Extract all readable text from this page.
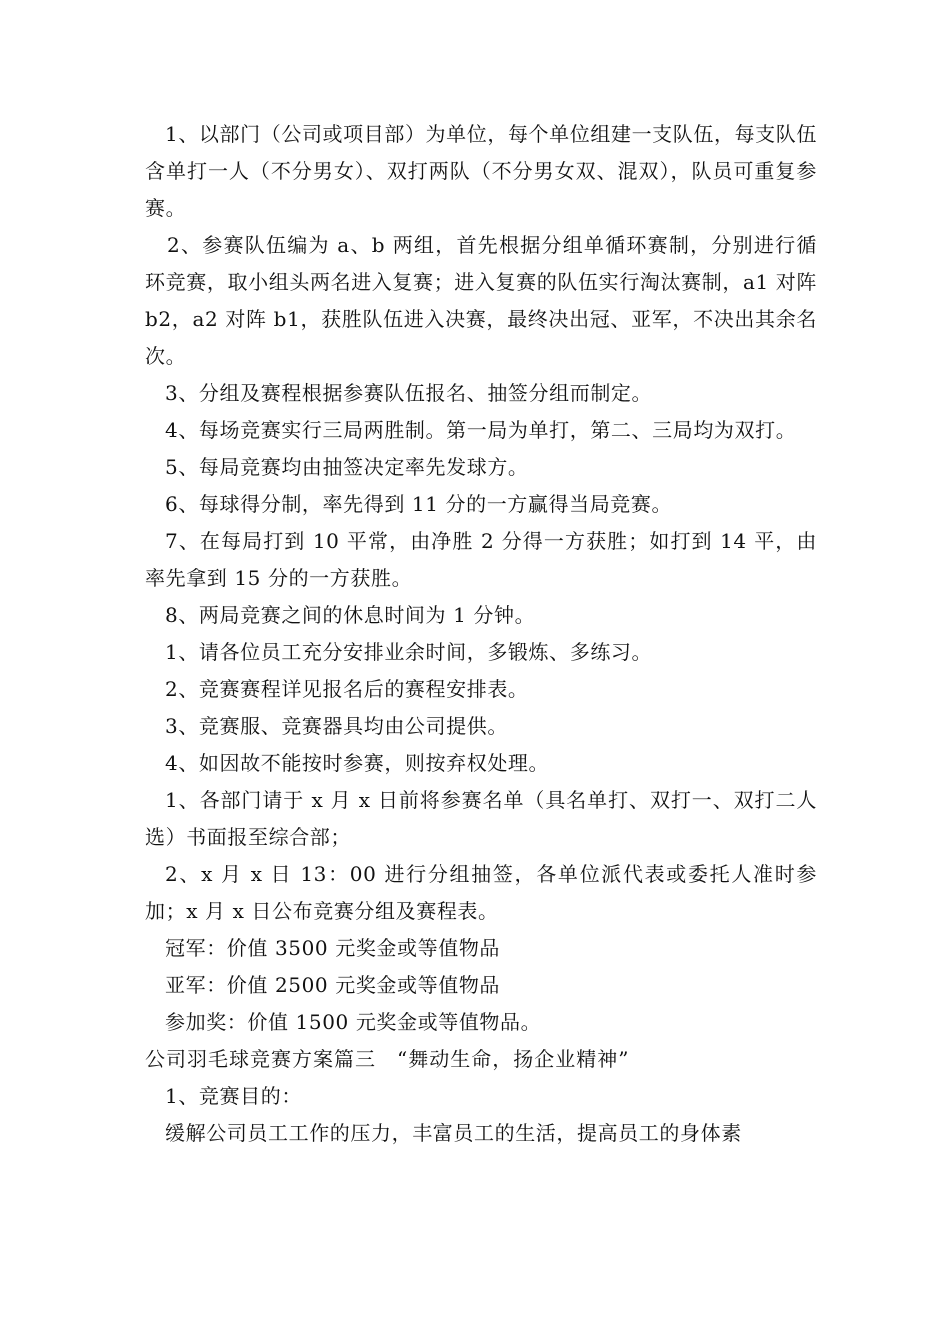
1、以部门（公司或项目部）为单位，每个单位组建一支队伍，每支队伍含单打一人（不分男女）、双打两队（不分男女双、混双），队员可重复参赛。

2、参赛队伍编为 a、b 两组，首先根据分组单循环赛制，分别进行循环竞赛，取小组头两名进入复赛；进入复赛的队伍实行淘汰赛制，a1 对阵 b2，a2 对阵 b1，获胜队伍进入决赛，最终决出冠、亚军，不决出其余名次。

3、分组及赛程根据参赛队伍报名、抽签分组而制定。

4、每场竞赛实行三局两胜制。第一局为单打，第二、三局均为双打。

5、每局竞赛均由抽签决定率先发球方。

6、每球得分制，率先得到 11 分的一方赢得当局竞赛。

7、在每局打到 10 平常，由净胜 2 分得一方获胜；如打到 14 平，由率先拿到 15 分的一方获胜。

8、两局竞赛之间的休息时间为 1 分钟。

1、请各位员工充分安排业余时间，多锻炼、多练习。

2、竞赛赛程详见报名后的赛程安排表。

3、竞赛服、竞赛器具均由公司提供。

4、如因故不能按时参赛，则按弃权处理。

1、各部门请于 x 月 x 日前将参赛名单（具名单打、双打一、双打二人选）书面报至综合部；

2、x 月 x 日 13：00 进行分组抽签，各单位派代表或委托人准时参加；x 月 x 日公布竞赛分组及赛程表。

冠军：价值 3500 元奖金或等值物品

亚军：价值 2500 元奖金或等值物品

参加奖：价值 1500 元奖金或等值物品。

公司羽毛球竞赛方案篇三　“舞动生命，扬企业精神”

1、竞赛目的：

缓解公司员工工作的压力，丰富员工的生活，提高员工的身体素
